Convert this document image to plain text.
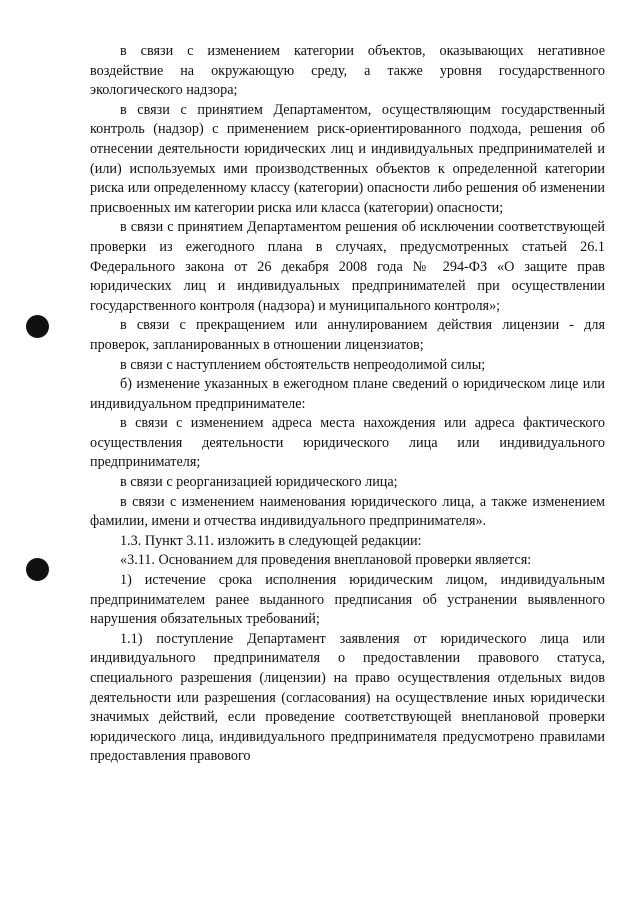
в связи с изменением категории объектов, оказывающих негативное воздействие на окружающую среду, а также уровня государственного экологического надзора;

в связи с принятием Департаментом, осуществляющим государственный контроль (надзор) с применением риск-ориентированного подхода, решения об отнесении деятельности юридических лиц и индивидуальных предпринимателей и (или) используемых ими производственных объектов к определенной категории риска или определенному классу (категории) опасности либо решения об изменении присвоенных им категории риска или класса (категории) опасности;

в связи с принятием Департаментом решения об исключении соответствующей проверки из ежегодного плана в случаях, предусмотренных статьей 26.1 Федерального закона от 26 декабря 2008 года № 294-ФЗ «О защите прав юридических лиц и индивидуальных предпринимателей при осуществлении государственного контроля (надзора) и муниципального контроля»;

в связи с прекращением или аннулированием действия лицензии - для проверок, запланированных в отношении лицензиатов;

в связи с наступлением обстоятельств непреодолимой силы;

б) изменение указанных в ежегодном плане сведений о юридическом лице или индивидуальном предпринимателе:

в связи с изменением адреса места нахождения или адреса фактического осуществления деятельности юридического лица или индивидуального предпринимателя;

в связи с реорганизацией юридического лица;

в связи с изменением наименования юридического лица, а также изменением фамилии, имени и отчества индивидуального предпринимателя».

1.3. Пункт 3.11. изложить в следующей редакции:

«3.11. Основанием для проведения внеплановой проверки является:

1) истечение срока исполнения юридическим лицом, индивидуальным предпринимателем ранее выданного предписания об устранении выявленного нарушения обязательных требований;

1.1) поступление Департамент заявления от юридического лица или индивидуального предпринимателя о предоставлении правового статуса, специального разрешения (лицензии) на право осуществления отдельных видов деятельности или разрешения (согласования) на осуществление иных юридически значимых действий, если проведение соответствующей внеплановой проверки юридического лица, индивидуального предпринимателя предусмотрено правилами предоставления правового
